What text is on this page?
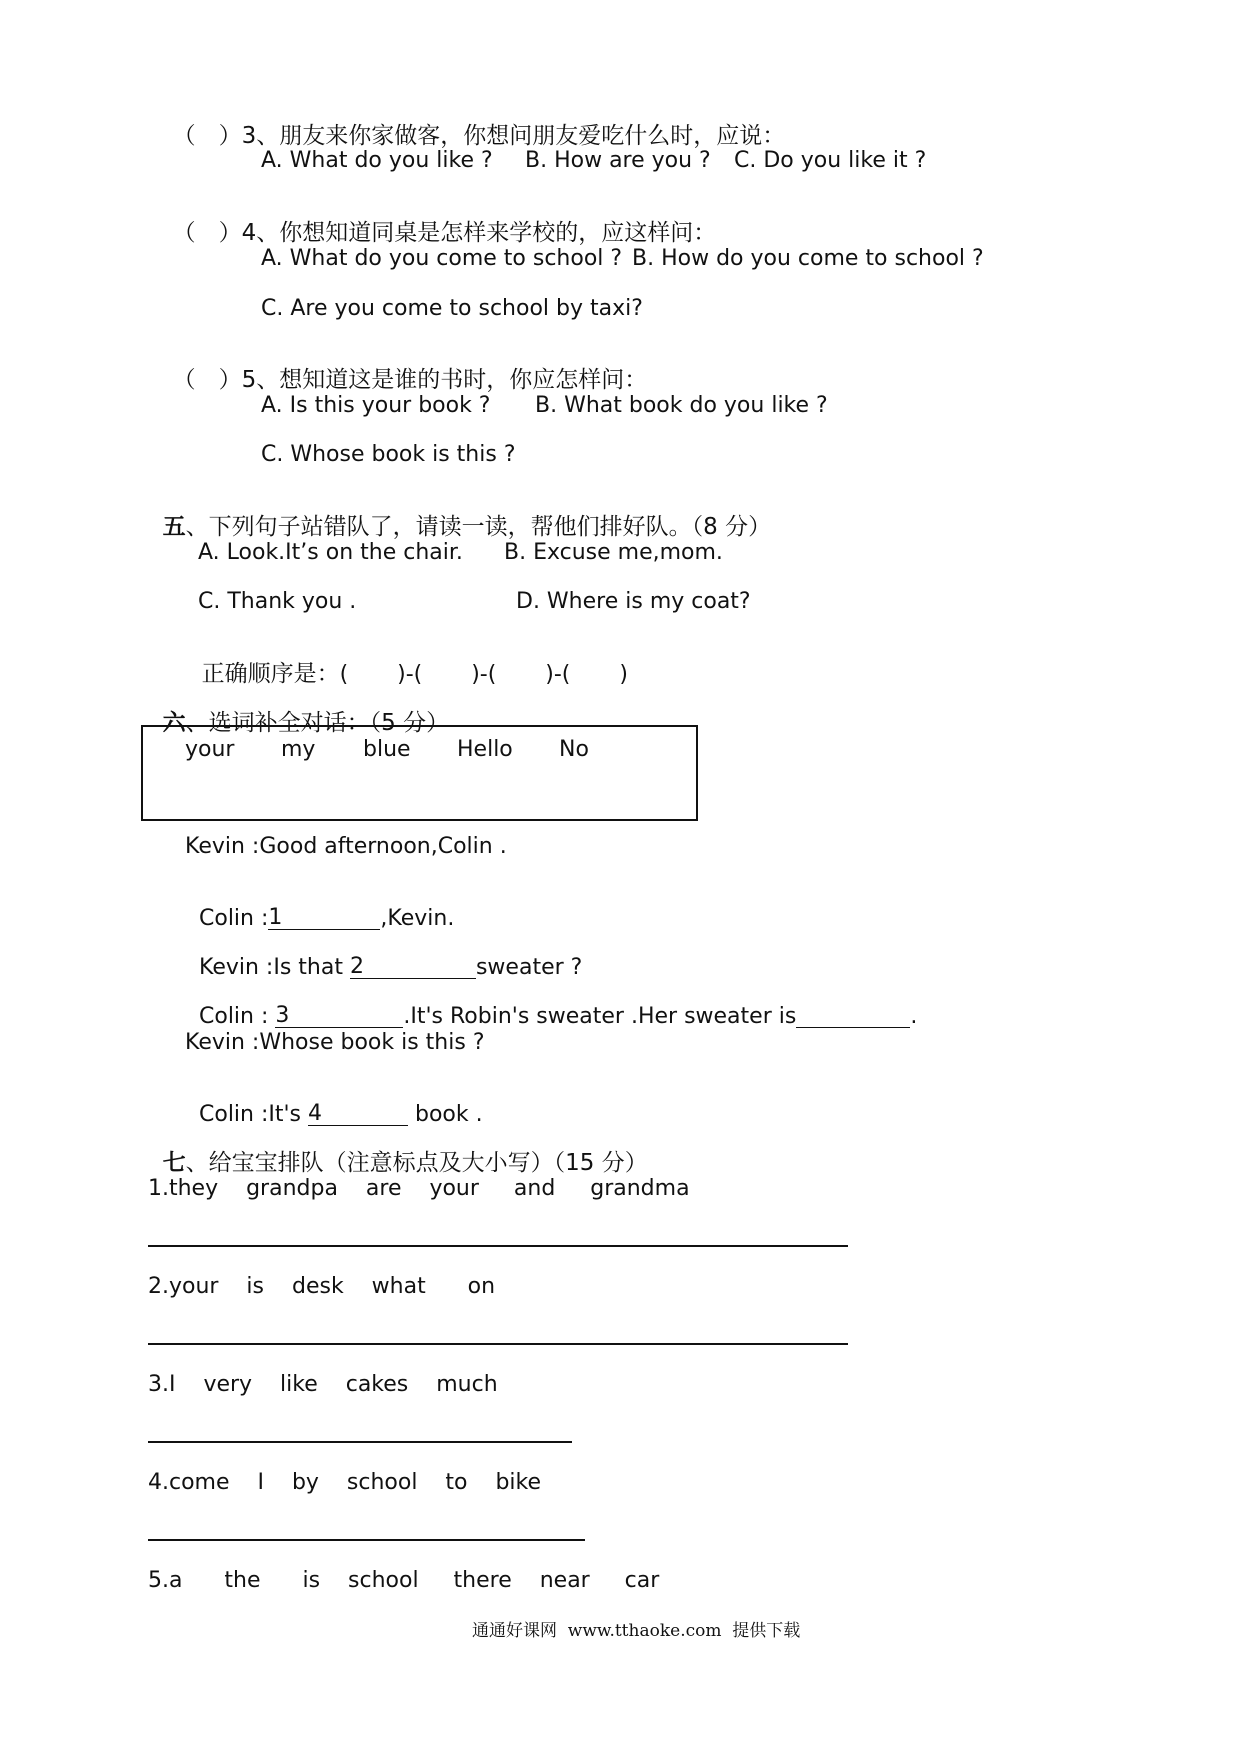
（　）3、朋友来你家做客，你想问朋友爱吃什么时，应说：

A. What do you like ? B. How are you ? C. Do you like it ?

（　）4、你想知道同桌是怎样来学校的，应这样问：

A. What do you come to school ? B. How do you come to school ?
C. Are you come to school by taxi?

（　）5、想知道这是谁的书时，你应怎样问：

A. Is this your book ? B. What book do you like ?
C. Whose book is this ?

五、下列句子站错队了，请读一读，帮他们排好队。（8 分）

A. Look.It’s on the chair. B. Excuse me,mom.
C. Thank you .	D. Where is my coat?

正确顺序是：(       )-(       )-(       )-(       )

六、选词补全对话：（5 分）

your my blue Hello No
Kevin :Good afternoon,Colin .

Colin :1	,Kevin.

Kevin :Is that 2	sweater ?

Colin : 3	.It's Robin's sweater .Her sweater is	.

Kevin :Whose book is this ?

Colin :It's 4	book .

七、给宝宝排队（注意标点及大小写）（15 分）

1.they    grandpa    are    your     and     grandma
2.your    is    desk    what      on
3.I    very    like    cakes    much
4.come    I    by    school    to    bike
5.a      the      is    school     there    near     car
通通好课网  www.tthaoke.com  提供下载
